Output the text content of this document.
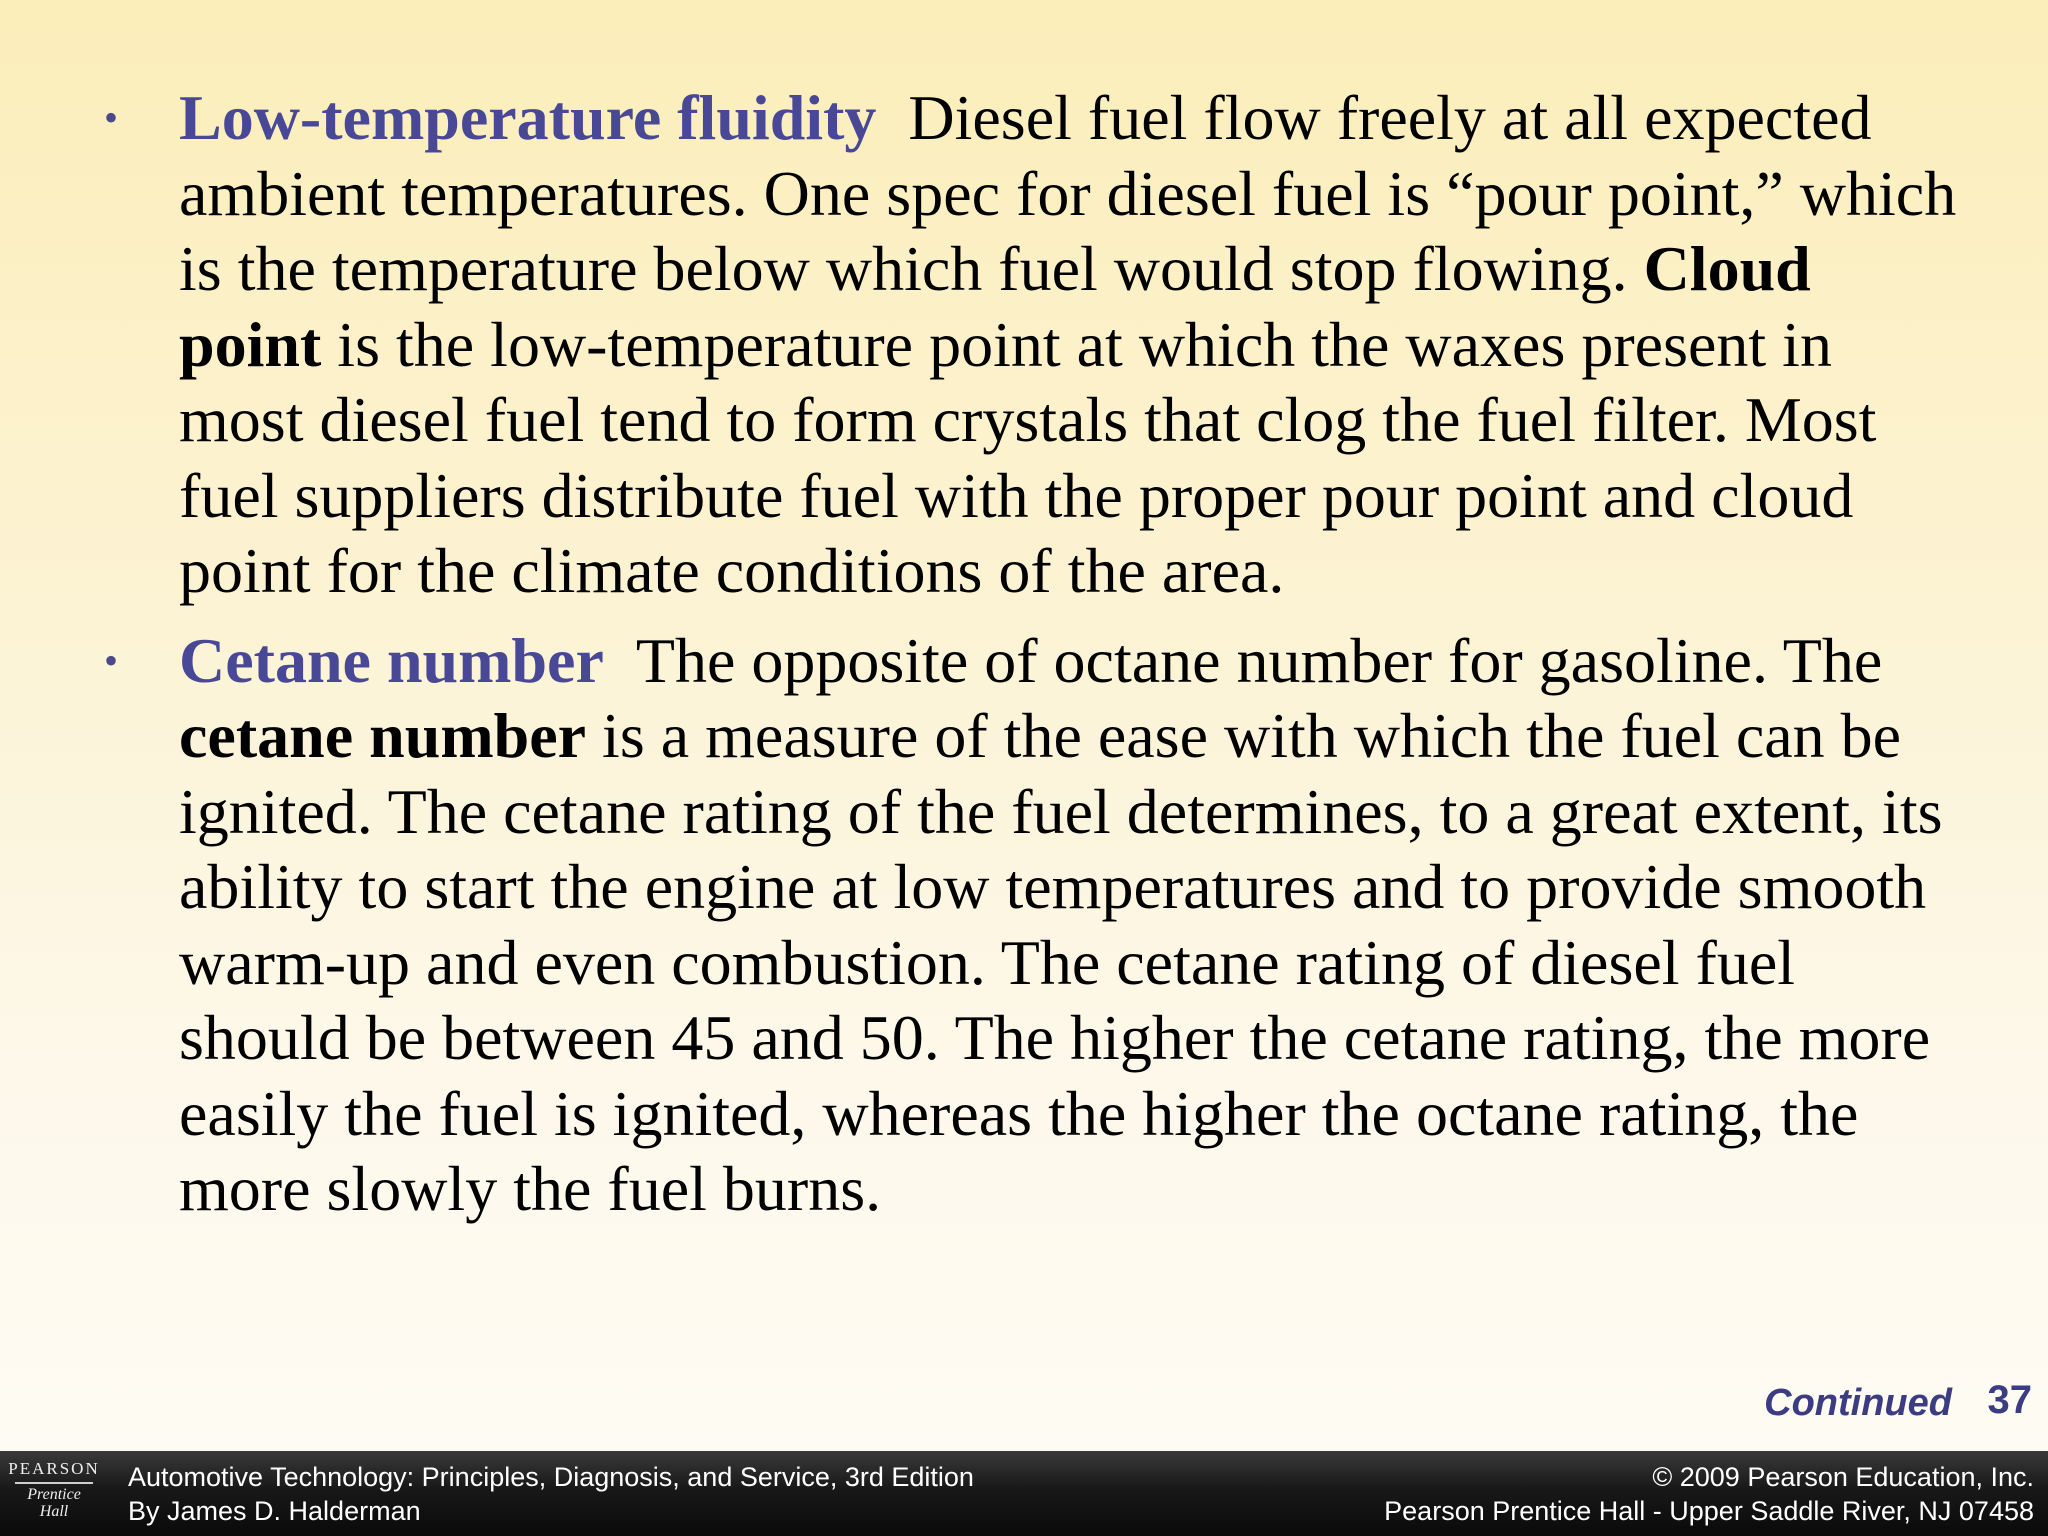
• Low-temperature fluidity Diesel fuel flow freely at all expected ambient temperatures. One spec for diesel fuel is “pour point,” which is the temperature below which fuel would stop flowing. Cloud point is the low-temperature point at which the waxes present in most diesel fuel tend to form crystals that clog the fuel filter. Most fuel suppliers distribute fuel with the proper pour point and cloud point for the climate conditions of the area.
• Cetane number The opposite of octane number for gasoline. The cetane number is a measure of the ease with which the fuel can be ignited. The cetane rating of the fuel determines, to a great extent, its ability to start the engine at low temperatures and to provide smooth warm-up and even combustion. The cetane rating of diesel fuel should be between 45 and 50. The higher the cetane rating, the more easily the fuel is ignited, whereas the higher the octane rating, the more slowly the fuel burns.
Continued 37
PEARSON
Prentice
Hall
Automotive Technology: Principles, Diagnosis, and Service, 3rd Edition
By James D. Halderman
© 2009 Pearson Education, Inc.
Pearson Prentice Hall - Upper Saddle River, NJ 07458
